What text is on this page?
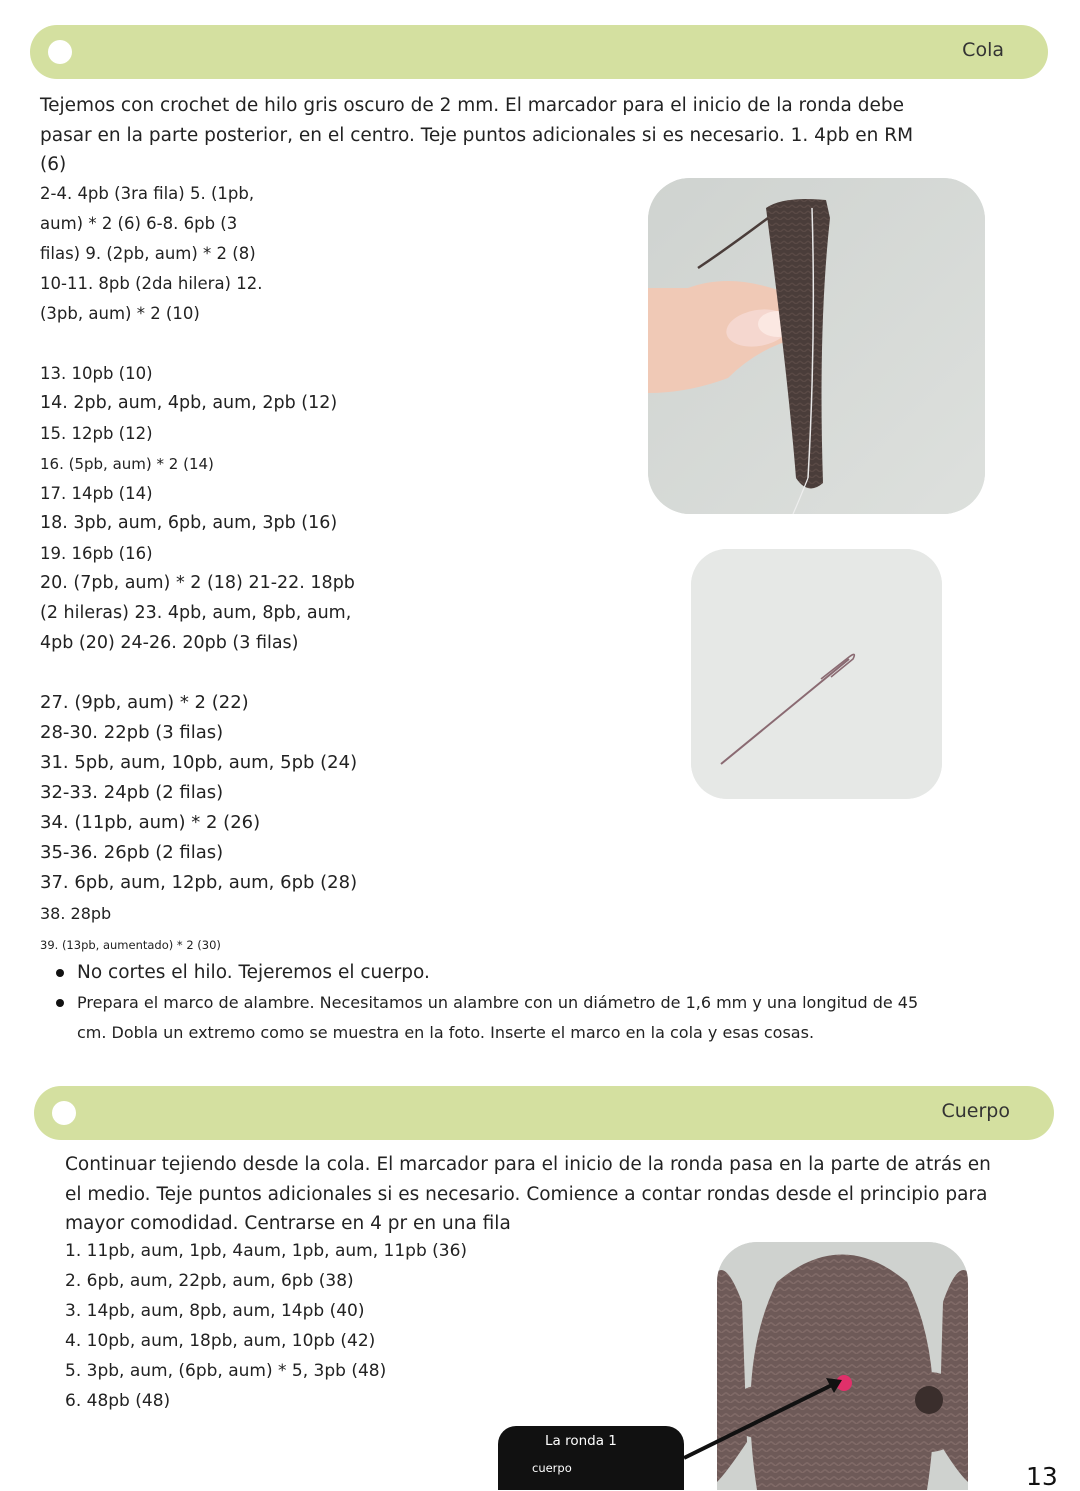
Cola
Tejemos con crochet de hilo gris oscuro de 2 mm. El marcador para el inicio de la ronda debe pasar en la parte posterior, en el centro. Teje puntos adicionales si es necesario. 1. 4pb en RM (6)
2-4. 4pb (3ra fila) 5. (1pb,
aum) * 2 (6) 6-8. 6pb (3
filas) 9. (2pb, aum) * 2 (8)
10-11. 8pb (2da hilera) 12.
(3pb, aum) * 2 (10)
13. 10pb (10)
14. 2pb, aum, 4pb, aum, 2pb (12)
15. 12pb (12)
16. (5pb, aum) * 2 (14)
17. 14pb (14)
18. 3pb, aum, 6pb, aum, 3pb (16)
19. 16pb (16)
20. (7pb, aum) * 2 (18) 21-22. 18pb
(2 hileras) 23. 4pb, aum, 8pb, aum,
4pb (20) 24-26. 20pb (3 filas)
27. (9pb, aum) * 2 (22)
28-30. 22pb (3 filas)
31. 5pb, aum, 10pb, aum, 5pb (24)
32-33. 24pb (2 filas)
34. (11pb, aum) * 2 (26)
35-36. 26pb (2 filas)
37. 6pb, aum, 12pb, aum, 6pb (28)
38. 28pb
39. (13pb, aumentado) * 2 (30)
No cortes el hilo. Tejeremos el cuerpo.
Prepara el marco de alambre. Necesitamos un alambre con un diámetro de 1,6 mm y una longitud de 45 cm. Dobla un extremo como se muestra en la foto. Inserte el marco en la cola y esas cosas.
Cuerpo
Continuar tejiendo desde la cola. El marcador para el inicio de la ronda pasa en la parte de atrás en el medio. Teje puntos adicionales si es necesario. Comience a contar rondas desde el principio para mayor comodidad. Centrarse en 4 pr en una fila
1. 11pb, aum, 1pb, 4aum, 1pb, aum, 11pb (36)
2. 6pb, aum, 22pb, aum, 6pb (38)
3. 14pb, aum, 8pb, aum, 14pb (40)
4. 10pb, aum, 18pb, aum, 10pb (42)
5. 3pb, aum, (6pb, aum) * 5, 3pb (48)
6. 48pb (48)
La ronda 1
cuerpo	13
